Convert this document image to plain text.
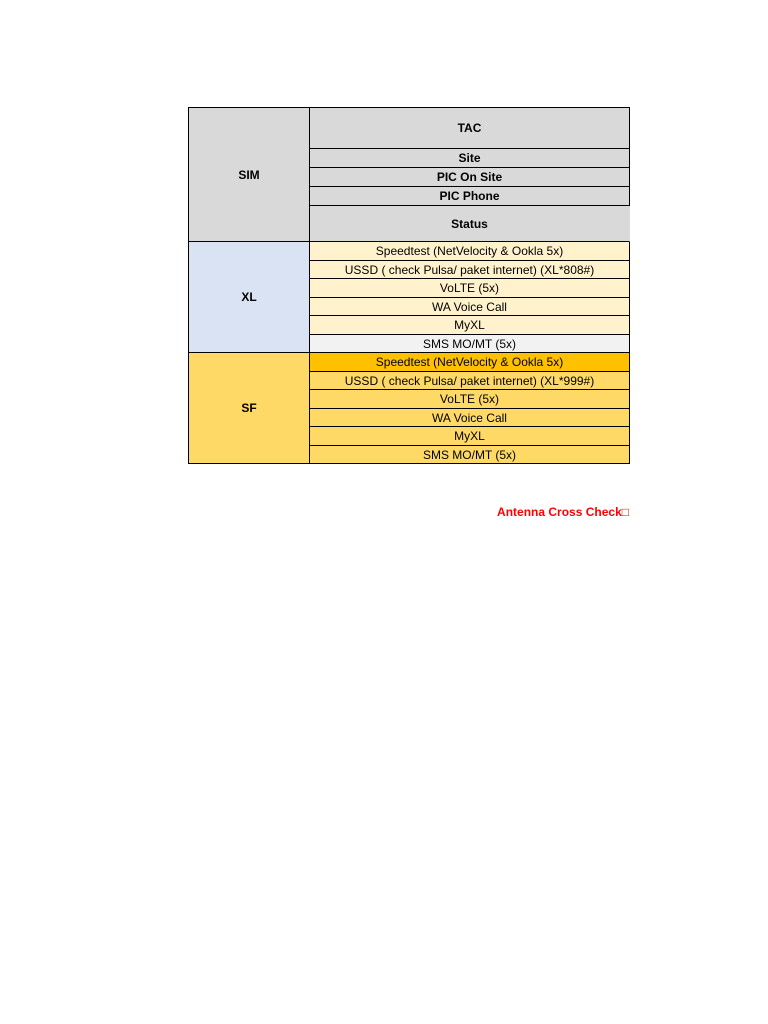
SIM
TAC
Site
PIC On Site
PIC Phone
Status
XL
Speedtest (NetVelocity & Ookla 5x)
USSD ( check Pulsa/ paket internet) (XL*808#)
VoLTE (5x)
WA Voice Call
MyXL
SMS MO/MT (5x)
SF
Speedtest (NetVelocity & Ookla 5x)
USSD ( check Pulsa/ paket internet) (XL*999#)
VoLTE (5x)
WA Voice Call
MyXL
SMS MO/MT (5x)
Antenna Cross Check□
